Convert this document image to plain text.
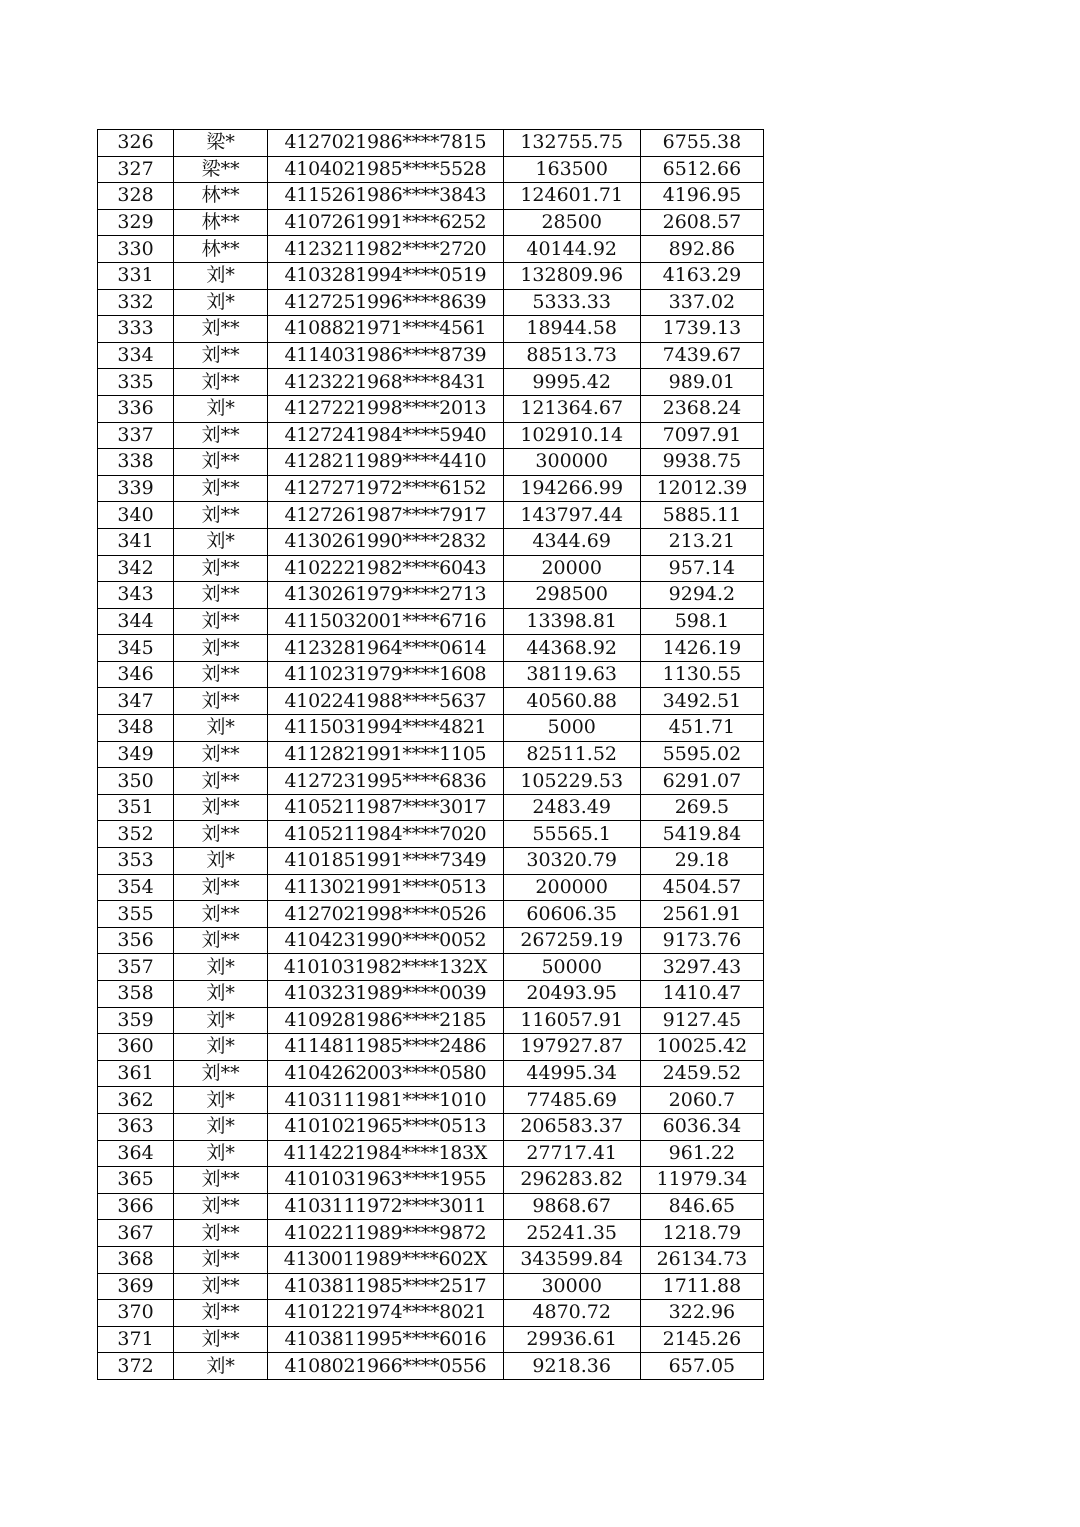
326	梁*	4127021986****7815	132755.75	6755.38
327	梁**	4104021985****5528	163500	6512.66
328	林**	4115261986****3843	124601.71	4196.95
329	林**	4107261991****6252	28500	2608.57
330	林**	4123211982****2720	40144.92	892.86
331	刘*	4103281994****0519	132809.96	4163.29
332	刘*	4127251996****8639	5333.33	337.02
333	刘**	4108821971****4561	18944.58	1739.13
334	刘**	4114031986****8739	88513.73	7439.67
335	刘**	4123221968****8431	9995.42	989.01
336	刘*	4127221998****2013	121364.67	2368.24
337	刘**	4127241984****5940	102910.14	7097.91
338	刘**	4128211989****4410	300000	9938.75
339	刘**	4127271972****6152	194266.99	12012.39
340	刘**	4127261987****7917	143797.44	5885.11
341	刘*	4130261990****2832	4344.69	213.21
342	刘**	4102221982****6043	20000	957.14
343	刘**	4130261979****2713	298500	9294.2
344	刘**	4115032001****6716	13398.81	598.1
345	刘**	4123281964****0614	44368.92	1426.19
346	刘**	4110231979****1608	38119.63	1130.55
347	刘**	4102241988****5637	40560.88	3492.51
348	刘*	4115031994****4821	5000	451.71
349	刘**	4112821991****1105	82511.52	5595.02
350	刘**	4127231995****6836	105229.53	6291.07
351	刘**	4105211987****3017	2483.49	269.5
352	刘**	4105211984****7020	55565.1	5419.84
353	刘*	4101851991****7349	30320.79	29.18
354	刘**	4113021991****0513	200000	4504.57
355	刘**	4127021998****0526	60606.35	2561.91
356	刘**	4104231990****0052	267259.19	9173.76
357	刘*	4101031982****132X	50000	3297.43
358	刘*	4103231989****0039	20493.95	1410.47
359	刘*	4109281986****2185	116057.91	9127.45
360	刘*	4114811985****2486	197927.87	10025.42
361	刘**	4104262003****0580	44995.34	2459.52
362	刘*	4103111981****1010	77485.69	2060.7
363	刘*	4101021965****0513	206583.37	6036.34
364	刘*	4114221984****183X	27717.41	961.22
365	刘**	4101031963****1955	296283.82	11979.34
366	刘**	4103111972****3011	9868.67	846.65
367	刘**	4102211989****9872	25241.35	1218.79
368	刘**	4130011989****602X	343599.84	26134.73
369	刘**	4103811985****2517	30000	1711.88
370	刘**	4101221974****8021	4870.72	322.96
371	刘**	4103811995****6016	29936.61	2145.26
372	刘*	4108021966****0556	9218.36	657.05
